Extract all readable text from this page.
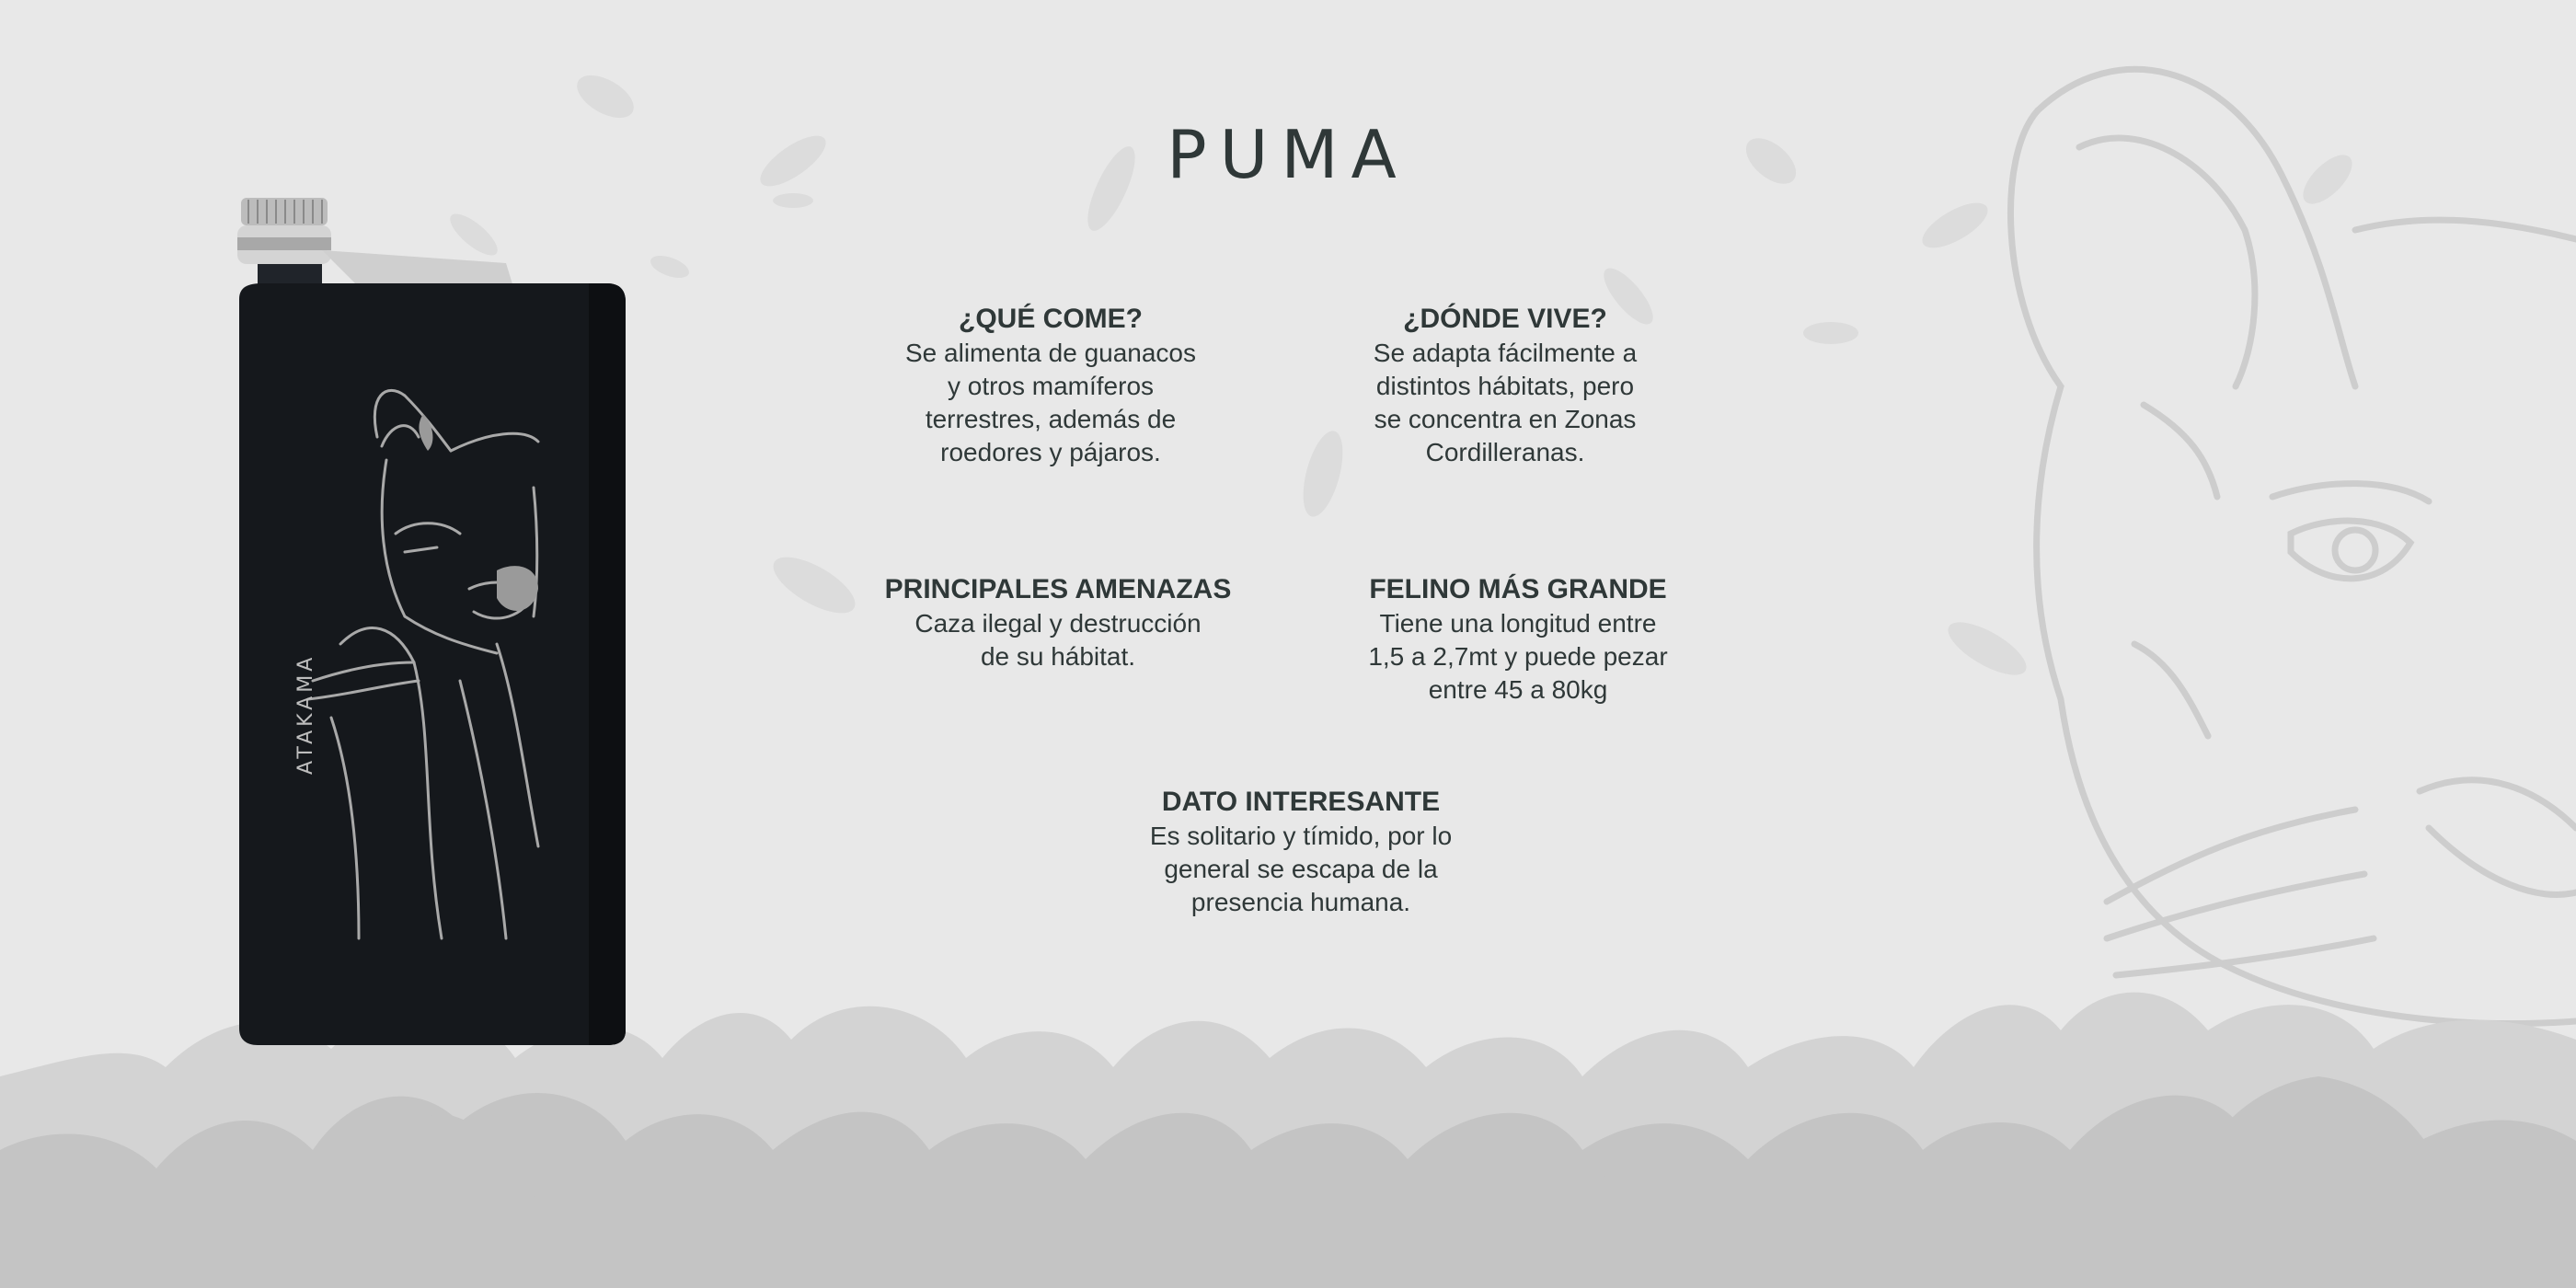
ATAKAMA
PUMA
¿QUÉ COME?

Se alimenta de guanacos

y otros mamíferos

terrestres, además de

roedores y pájaros.

¿DÓNDE VIVE?

Se adapta fácilmente a

distintos hábitats, pero

se concentra en Zonas

Cordilleranas.

PRINCIPALES AMENAZAS

Caza ilegal y destrucción

de su hábitat.

FELINO MÁS GRANDE

Tiene una longitud entre

1,5 a 2,7mt y puede pezar

entre 45 a 80kg

DATO INTERESANTE

Es solitario y tímido, por lo

general se escapa de la

presencia humana.
